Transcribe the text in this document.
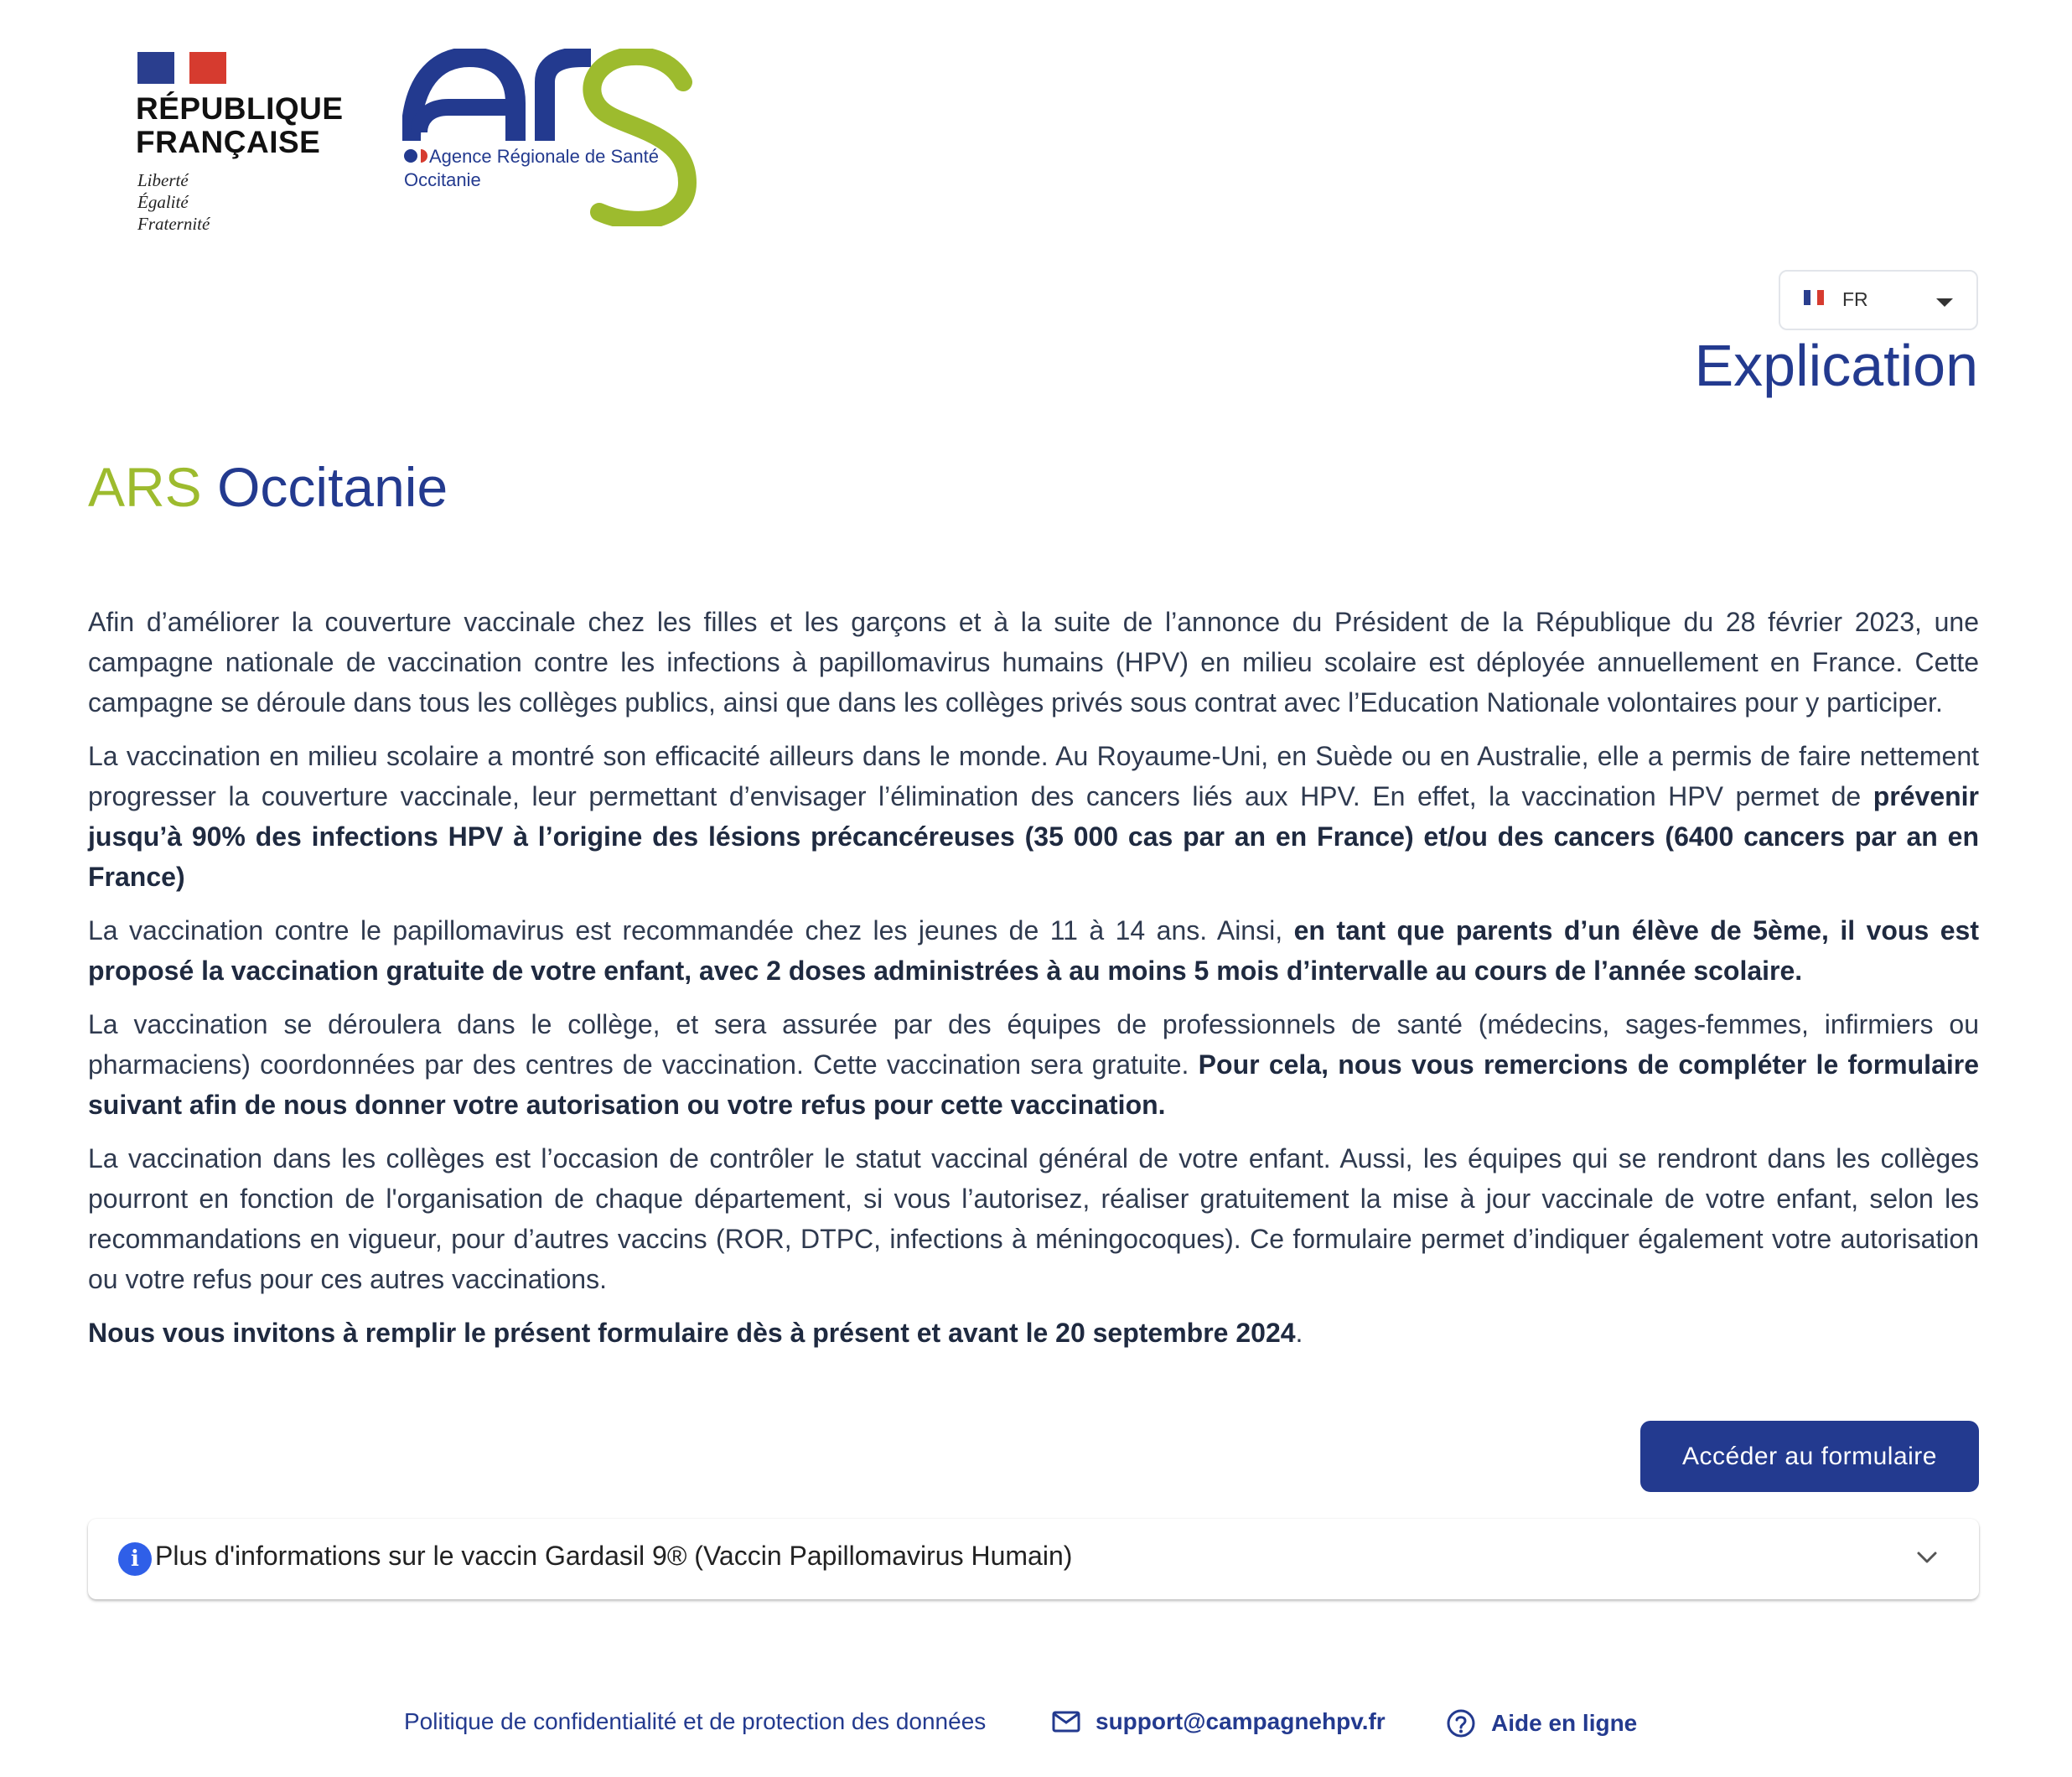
RÉPUBLIQUE
FRANÇAISE
Liberté
Égalité
Fraternité
Agence Régionale de Santé
Occitanie
FR
Explication
ARS Occitanie

Afin d’améliorer la couverture vaccinale chez les filles et les garçons et à la suite de l’annonce du Président de la République du 28 février 2023, une campagne nationale de vaccination contre les infections à papillomavirus humains (HPV) en milieu scolaire est déployée annuellement en France. Cette campagne se déroule dans tous les collèges publics, ainsi que dans les collèges privés sous contrat avec l’Education Nationale volontaires pour y participer.

La vaccination en milieu scolaire a montré son efficacité ailleurs dans le monde. Au Royaume-Uni, en Suède ou en Australie, elle a permis de faire nettement progresser la couverture vaccinale, leur permettant d’envisager l’élimination des cancers liés aux HPV. En effet, la vaccination HPV permet de prévenir jusqu’à 90% des infections HPV à l’origine des lésions précancéreuses (35 000 cas par an en France) et/ou des cancers (6400 cancers par an en France)

La vaccination contre le papillomavirus est recommandée chez les jeunes de 11 à 14 ans. Ainsi, en tant que parents d’un élève de 5ème, il vous est proposé la vaccination gratuite de votre enfant, avec 2 doses administrées à au moins 5 mois d’intervalle au cours de l’année scolaire.

La vaccination se déroulera dans le collège, et sera assurée par des équipes de professionnels de santé (médecins, sages-femmes, infirmiers ou pharmaciens) coordonnées par des centres de vaccination. Cette vaccination sera gratuite. Pour cela, nous vous remercions de compléter le formulaire suivant afin de nous donner votre autorisation ou votre refus pour cette vaccination.

La vaccination dans les collèges est l’occasion de contrôler le statut vaccinal général de votre enfant. Aussi, les équipes qui se rendront dans les collèges pourront en fonction de l'organisation de chaque département, si vous l’autorisez, réaliser gratuitement la mise à jour vaccinale de votre enfant, selon les recommandations en vigueur, pour d’autres vaccins (ROR, DTPC, infections à méningocoques). Ce formulaire permet d’indiquer également votre autorisation ou votre refus pour ces autres vaccinations.

Nous vous invitons à remplir le présent formulaire dès à présent et avant le 20 septembre 2024.

Accéder au formulaire
i Plus d'informations sur le vaccin Gardasil 9® (Vaccin Papillomavirus Humain)
Politique de confidentialité et de protection des données	support@campagnehpv.fr	Aide en ligne
